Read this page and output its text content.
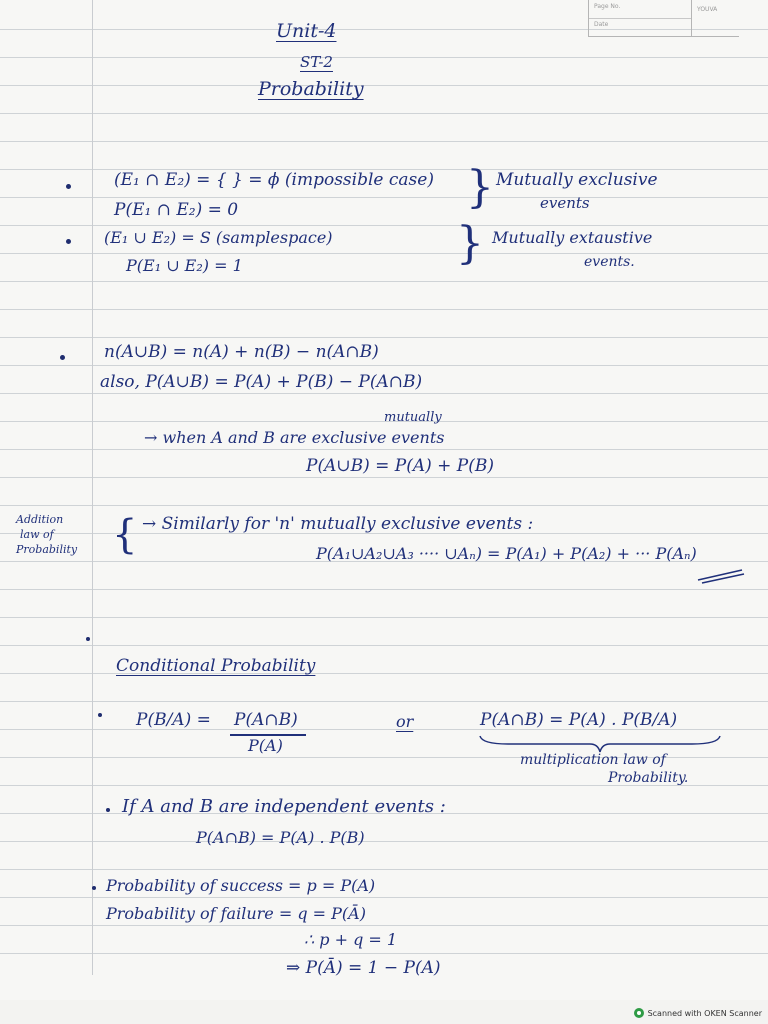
Page No.
Date
YOUVA
Unit-4
ST-2
Probability
(E₁ ∩ E₂) = { } = ϕ (impossible case)
P(E₁ ∩ E₂) = 0	} Mutually exclusive
events
(E₁ ∪ E₂) = S (samplespace)
P(E₁ ∪ E₂) = 1	} Mutually extaustive
events.
n(A∪B) = n(A) + n(B) − n(A∩B)
also, P(A∪B) = P(A) + P(B) − P(A∩B)
mutually
→ when A and B are exclusive events
P(A∪B) = P(A) + P(B)
Addition
law of
Probability { → Similarly for 'n' mutually exclusive events :
P(A₁∪A₂∪A₃ ···· ∪Aₙ) = P(A₁) + P(A₂) + ··· P(Aₙ)
Conditional Probability
P(B/A) = P(A∩B)
P(A)
or	P(A∩B) = P(A) . P(B/A)
multiplication law of
Probability.
If A and B are independent events :
P(A∩B) = P(A) . P(B)
Probability of success = p = P(A)
Probability of failure = q = P(Ā)
∴ p + q = 1
⇒ P(Ā) = 1 − P(A)
Scanned with OKEN Scanner
